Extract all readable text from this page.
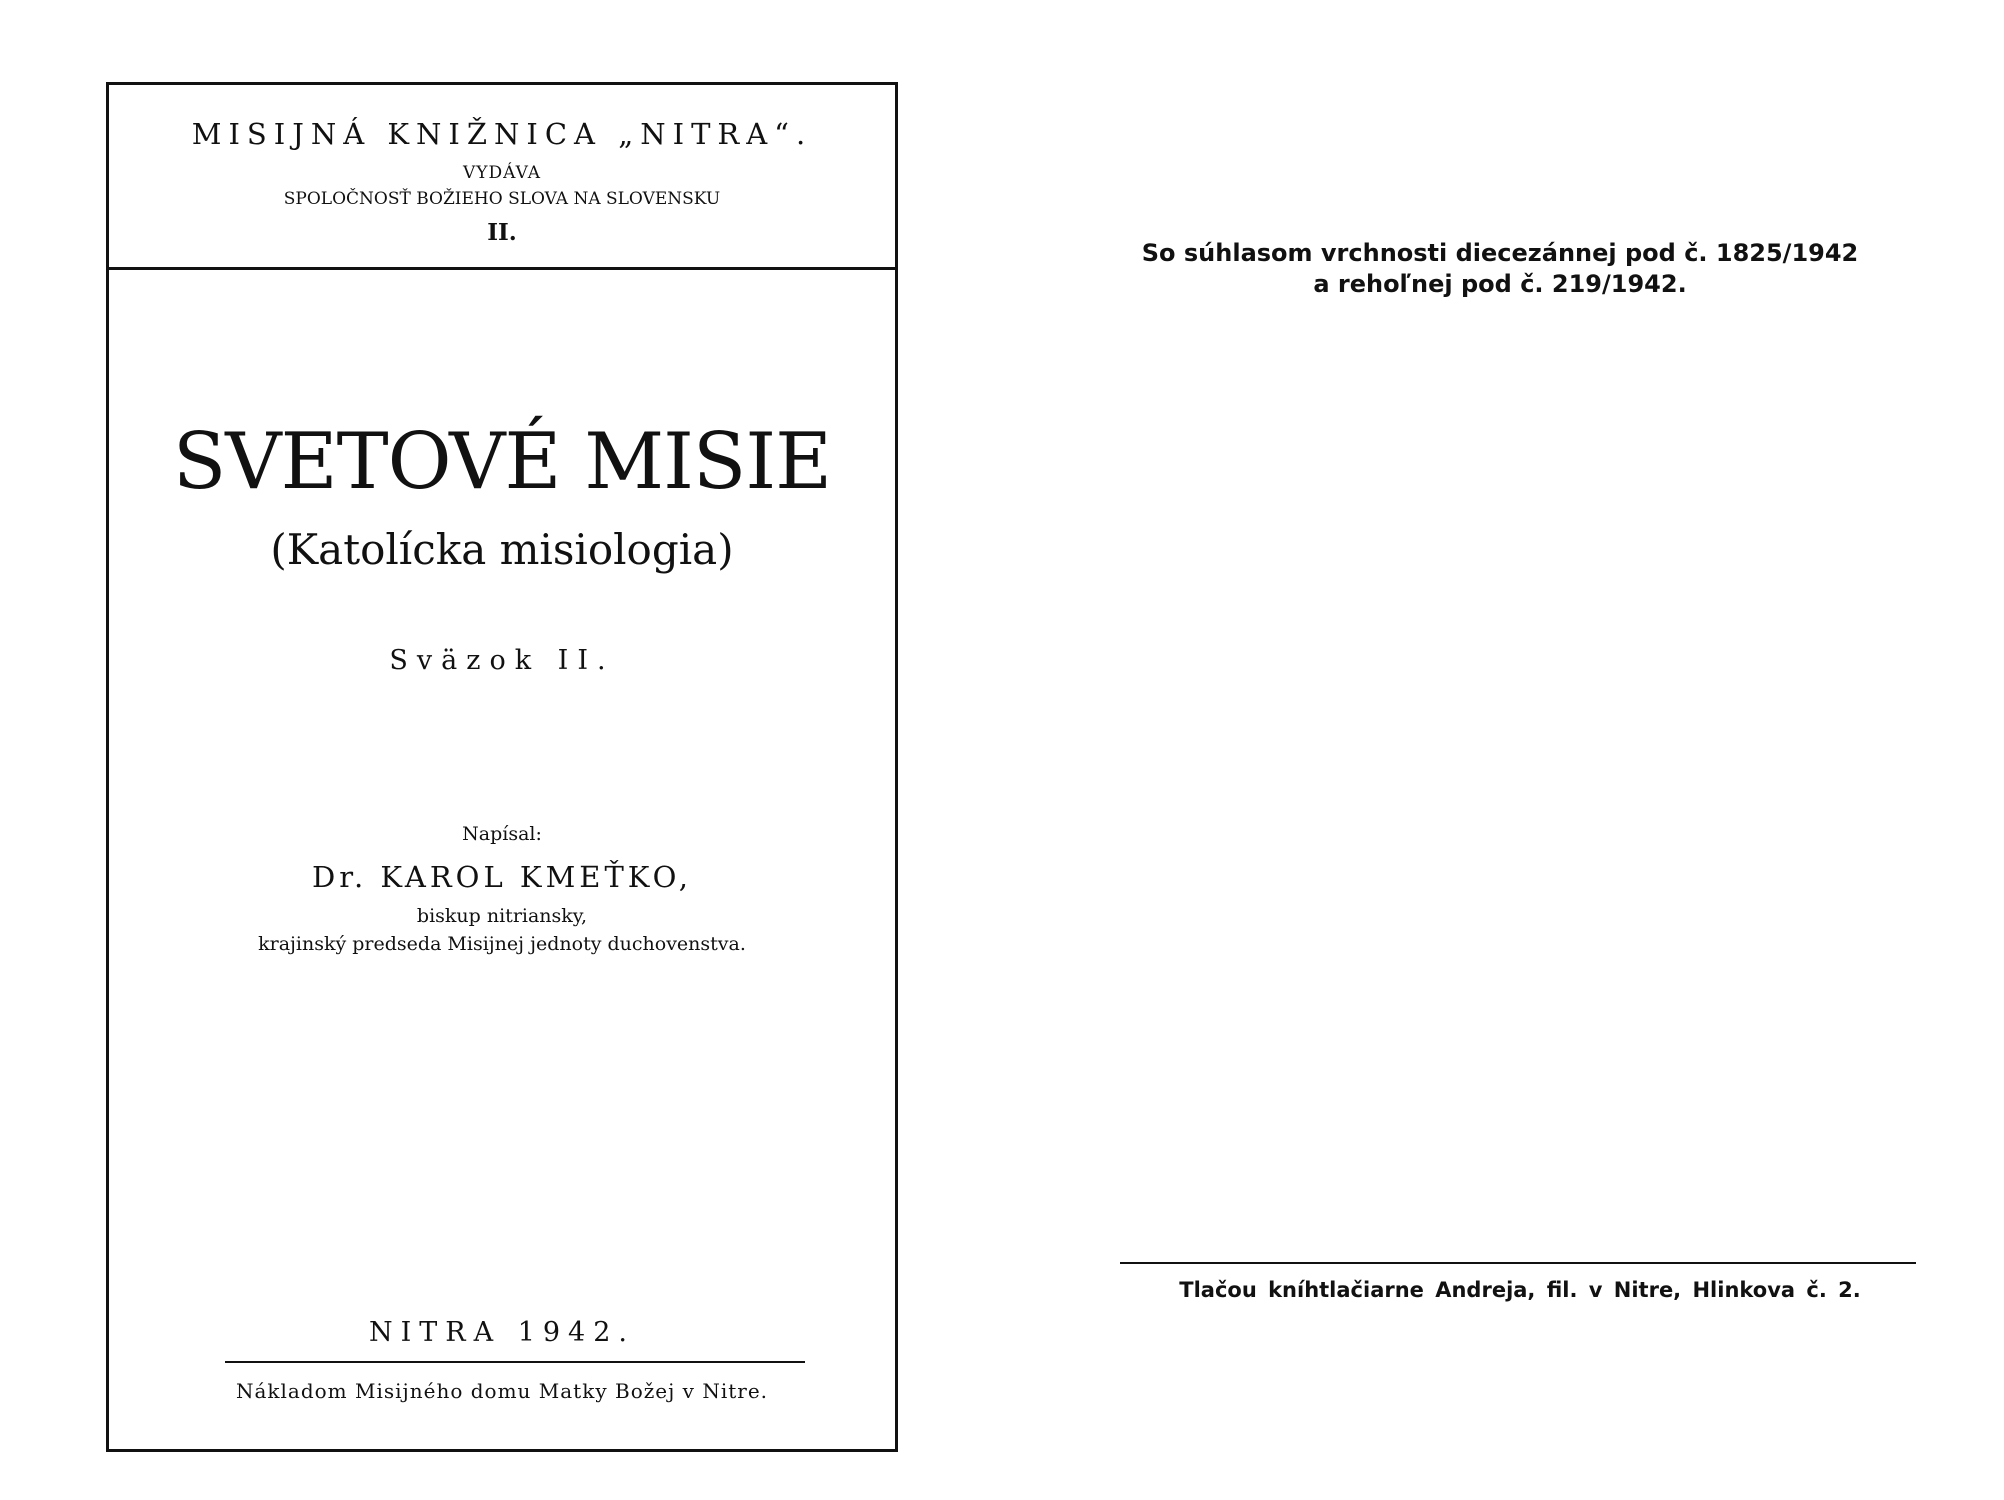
MISIJNÁ KNIŽNICA „NITRA“.
VYDÁVA
SPOLOČNOSŤ BOŽIEHO SLOVA NA SLOVENSKU
II.
SVETOVÉ MISIE
(Katolícka misiologia)
Sväzok II.
Napísal:
Dr. KAROL KMEŤKO,
biskup nitriansky,
krajinský predseda Misijnej jednoty duchovenstva.
NITRA 1942.
Nákladom Misijného domu Matky Božej v Nitre.
So súhlasom vrchnosti diecezánnej pod č. 1825/1942
a rehoľnej pod č. 219/1942.
Tlačou kníhtlačiarne Andreja, fil. v Nitre, Hlinkova č. 2.
